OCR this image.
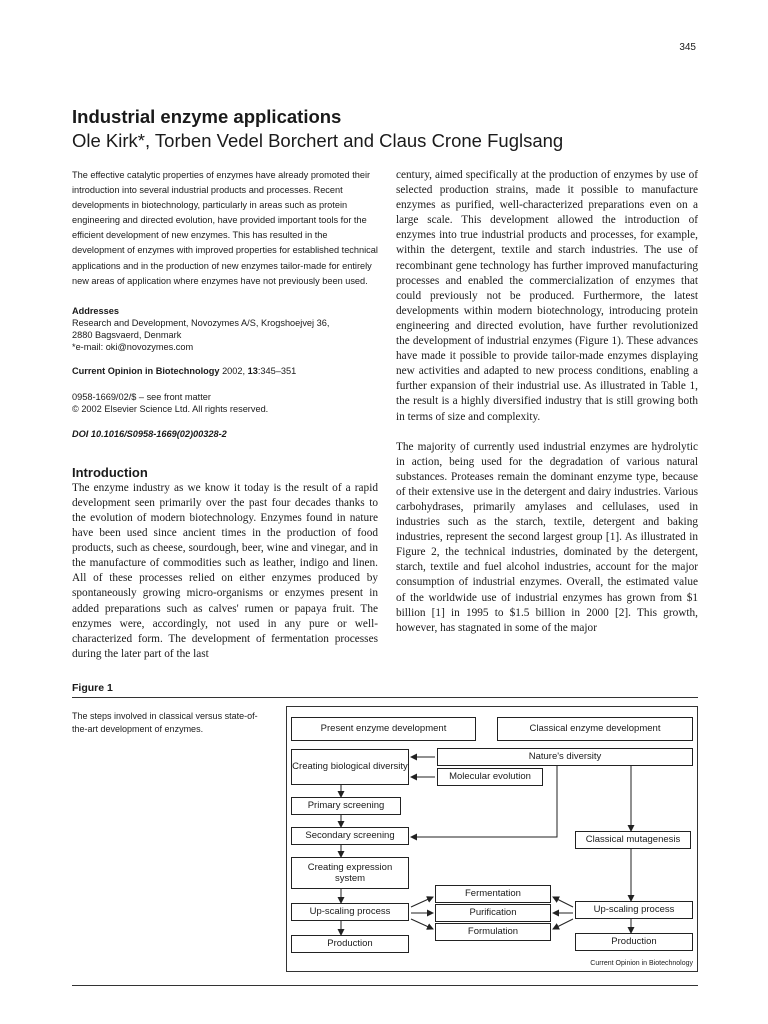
345
Industrial enzyme applications
Ole Kirk*, Torben Vedel Borchert and Claus Crone Fuglsang

The effective catalytic properties of enzymes have already promoted their introduction into several industrial products and processes. Recent developments in biotechnology, particularly in areas such as protein engineering and directed evolution, have provided important tools for the efficient development of new enzymes. This has resulted in the development of enzymes with improved properties for established technical applications and in the production of new enzymes tailor-made for entirely new areas of application where enzymes have not previously been used.

Addresses

Research and Development, Novozymes A/S, Krogshoejvej 36,

2880 Bagsvaerd, Denmark

*e-mail: oki@novozymes.com

Current Opinion in Biotechnology 2002, 13:345–351

0958-1669/02/$ – see front matter

© 2002 Elsevier Science Ltd. All rights reserved.

DOI 10.1016/S0958-1669(02)00328-2

Introduction

The enzyme industry as we know it today is the result of a rapid development seen primarily over the past four decades thanks to the evolution of modern biotechnology. Enzymes found in nature have been used since ancient times in the production of food products, such as cheese, sourdough, beer, wine and vinegar, and in the manufacture of commodities such as leather, indigo and linen. All of these processes relied on either enzymes produced by spontaneously growing micro-organisms or enzymes present in added preparations such as calves' rumen or papaya fruit. The enzymes were, accordingly, not used in any pure or well-characterized form. The development of fermentation processes during the later part of the last

century, aimed specifically at the production of enzymes by use of selected production strains, made it possible to manufacture enzymes as purified, well-characterized preparations even on a large scale. This development allowed the introduction of enzymes into true industrial products and processes, for example, within the detergent, textile and starch industries. The use of recombinant gene technology has further improved manufacturing processes and enabled the commercialization of enzymes that could previously not be produced. Furthermore, the latest developments within modern biotechnology, introducing protein engineering and directed evolution, have further revolutionized the development of industrial enzymes (Figure 1). These advances have made it possible to provide tailor-made enzymes displaying new activities and adapted to new process conditions, enabling a further expansion of their industrial use. As illustrated in Table 1, the result is a highly diversified industry that is still growing both in terms of size and complexity.

The majority of currently used industrial enzymes are hydrolytic in action, being used for the degradation of various natural substances. Proteases remain the dominant enzyme type, because of their extensive use in the detergent and dairy industries. Various carbohydrases, primarily amylases and cellulases, used in industries such as the starch, textile, detergent and baking industries, represent the second largest group [1]. As illustrated in Figure 2, the technical industries, dominated by the detergent, starch, textile and fuel alcohol industries, account for the major consumption of industrial enzymes. Overall, the estimated value of the worldwide use of industrial enzymes has grown from $1 billion [1] in 1995 to $1.5 billion in 2000 [2]. This growth, however, has stagnated in some of the major

Figure 1
The steps involved in classical versus state-of-the-art development of enzymes.	Present enzyme development	Classical enzyme development
Nature's diversity
Creating biological diversity
Molecular evolution
Primary screening
Secondary screening	Classical mutagenesis
Creating expression system
Up-scaling process
Fermentation
Purification
Formulation
Up-scaling process
Production	Production
Current Opinion in Biotechnology
